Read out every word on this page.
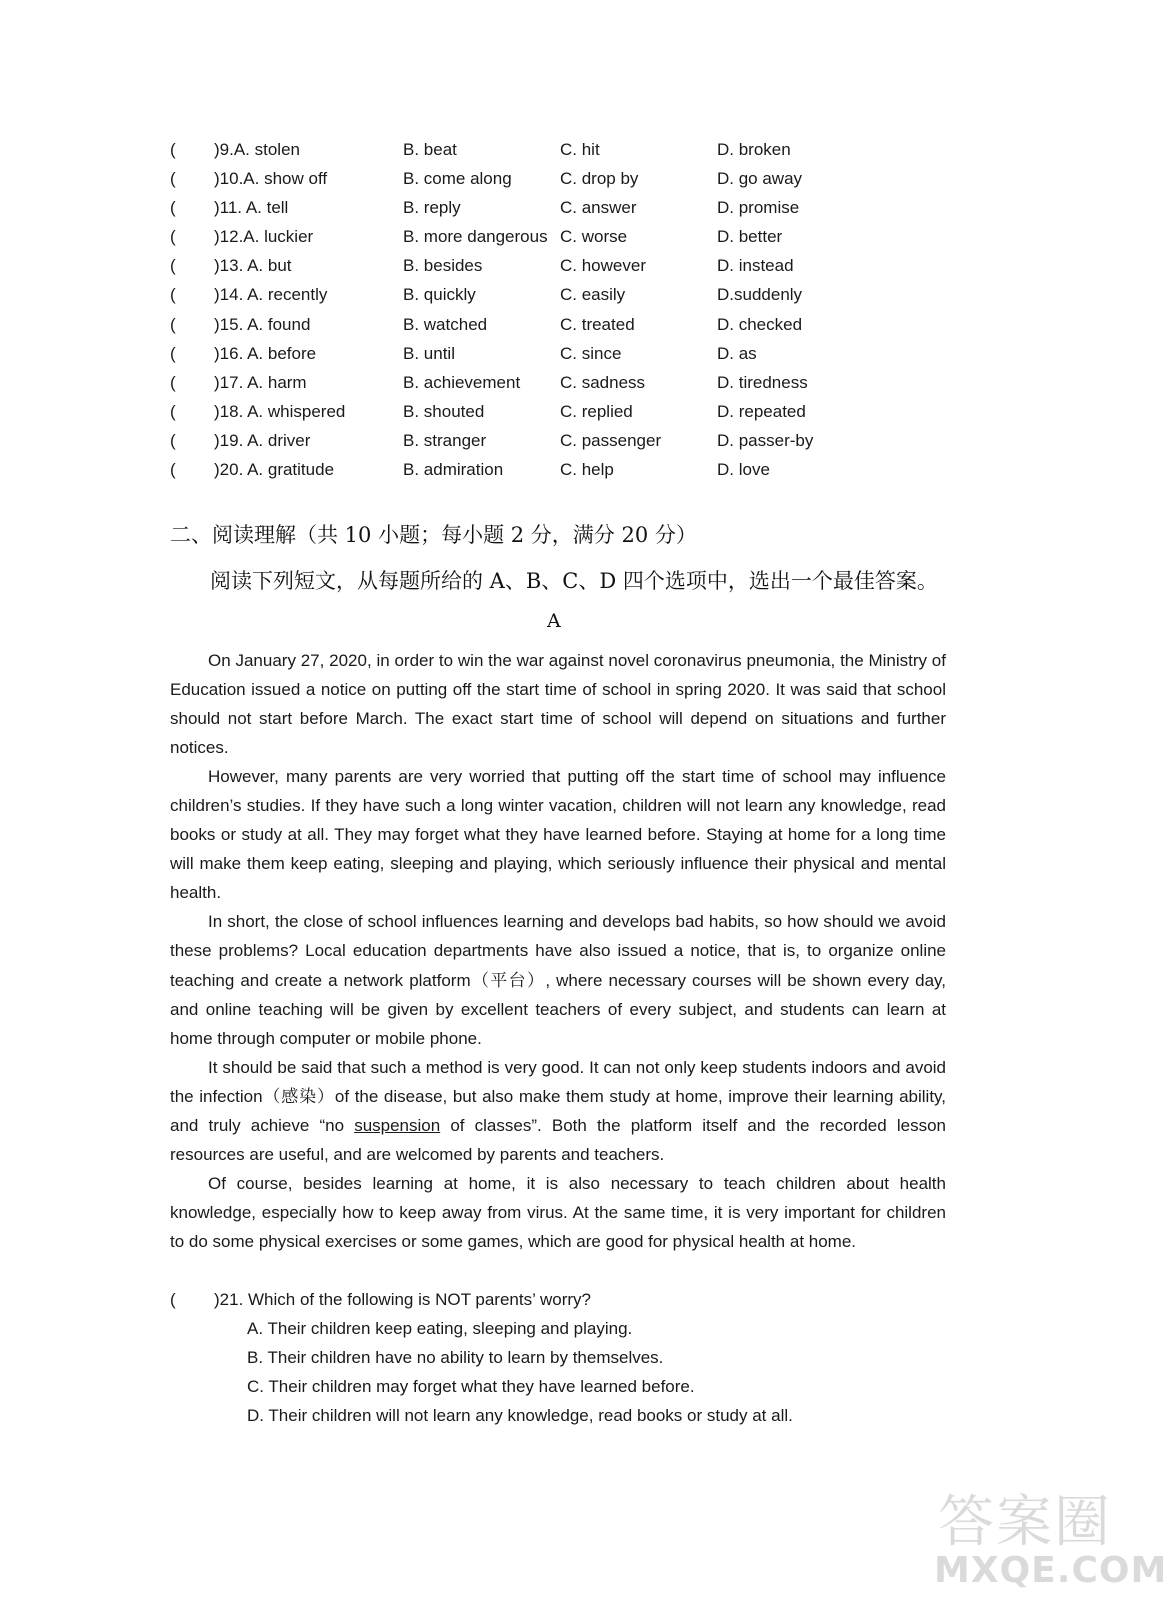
( )9.A. stolen	B. beat	C. hit	D. broken
( )10.A. show off	B. come along	C. drop by	D. go away
( )11. A. tell	B. reply	C. answer	D. promise
( )12.A. luckier	B. more dangerous C. worse	D. better
( )13. A. but	B. besides	C. however	D. instead
( )14. A. recently	B. quickly	C. easily	D.suddenly
( )15. A. found	B. watched	C. treated	D. checked
( )16. A. before	B. until	C. since	D. as
( )17. A. harm	B. achievement C. sadness	D. tiredness
( )18. A. whispered	B. shouted	C. replied	D. repeated
( )19. A. driver	B. stranger	C. passenger	D. passer-by
( )20. A. gratitude	B. admiration	C. help	D. love
二、阅读理解（共 10 小题；每小题 2 分，满分 20 分）
阅读下列短文，从每题所给的 A、B、C、D 四个选项中，选出一个最佳答案。
A

On January 27, 2020, in order to win the war against novel coronavirus pneumonia, the Ministry of Education issued a notice on putting off the start time of school in spring 2020. It was said that school should not start before March. The exact start time of school will depend on situations and further notices.

However, many parents are very worried that putting off the start time of school may influence children’s studies. If they have such a long winter vacation, children will not learn any knowledge, read books or study at all. They may forget what they have learned before. Staying at home for a long time will make them keep eating, sleeping and playing, which seriously influence their physical and mental health.

In short, the close of school influences learning and develops bad habits, so how should we avoid these problems? Local education departments have also issued a notice, that is, to organize online teaching and create a network platform（平台）, where necessary courses will be shown every day, and online teaching will be given by excellent teachers of every subject, and students can learn at home through computer or mobile phone.

It should be said that such a method is very good. It can not only keep students indoors and avoid the infection（感染）of the disease, but also make them study at home, improve their learning ability, and truly achieve “no suspension of classes”. Both the platform itself and the recorded lesson resources are useful, and are welcomed by parents and teachers.

Of course, besides learning at home, it is also necessary to teach children about health knowledge, especially how to keep away from virus. At the same time, it is very important for children to do some physical exercises or some games, which are good for physical health at home.

( )21. Which of the following is NOT parents’ worry?
A. Their children keep eating, sleeping and playing.
B. Their children have no ability to learn by themselves.
C. Their children may forget what they have learned before.
D. Their children will not learn any knowledge, read books or study at all.
答案圈
MXQE.COM
